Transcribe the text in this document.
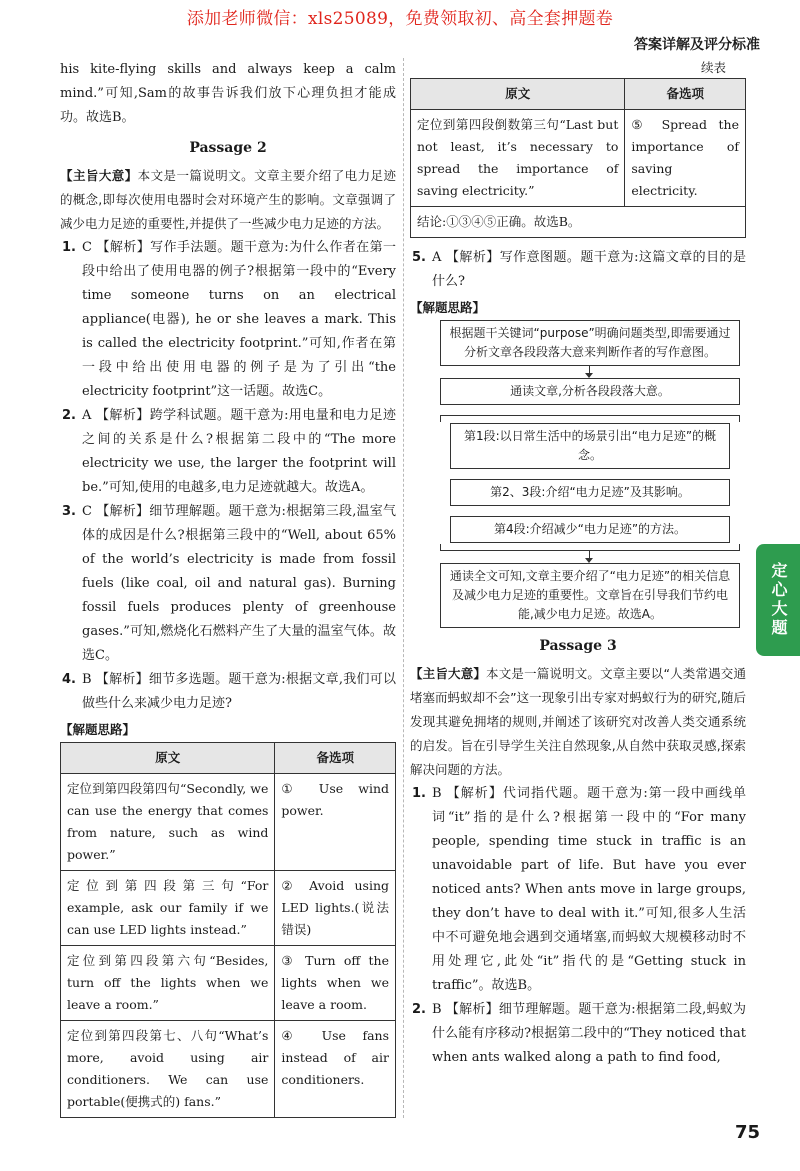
添加老师微信：xls25089，免费领取初、高全套押题卷
答案详解及评分标准

his kite-flying skills and always keep a calm mind.”可知,Sam的故事告诉我们放下心理负担才能成功。故选B。

Passage 2

【主旨大意】本文是一篇说明文。文章主要介绍了电力足迹的概念,即每次使用电器时会对环境产生的影响。文章强调了减少电力足迹的重要性,并提供了一些减少电力足迹的方法。

1. C 【解析】写作手法题。题干意为:为什么作者在第一段中给出了使用电器的例子?根据第一段中的“Every time someone turns on an electrical appliance(电器), he or she leaves a mark. This is called the electricity footprint.”可知,作者在第一段中给出使用电器的例子是为了引出“the electricity footprint”这一话题。故选C。
2. A 【解析】跨学科试题。题干意为:用电量和电力足迹之间的关系是什么?根据第二段中的“The more electricity we use, the larger the footprint will be.”可知,使用的电越多,电力足迹就越大。故选A。
3. C 【解析】细节理解题。题干意为:根据第三段,温室气体的成因是什么?根据第三段中的“Well, about 65% of the world’s electricity is made from fossil fuels (like coal, oil and natural gas). Burning fossil fuels produces plenty of greenhouse gases.”可知,燃烧化石燃料产生了大量的温室气体。故选C。
4. B 【解析】细节多选题。题干意为:根据文章,我们可以做些什么来减少电力足迹?
【解题思路】
原文	备选项
定位到第四段第四句“Secondly, we can use the energy that comes from nature, such as wind power.”	① Use wind power.
定位到第四段第三句“For example, ask our family if we can use LED lights instead.”	② Avoid using LED lights.(说法错误)
定位到第四段第六句“Besides, turn off the lights when we leave a room.”	③ Turn off the lights when we leave a room.
定位到第四段第七、八句“What’s more, avoid using air conditioners. We can use portable(便携式的) fans.”	④ Use fans instead of air conditioners.
续表
原文	备选项
定位到第四段倒数第三句“Last but not least, it’s necessary to spread the importance of saving electricity.”	⑤ Spread the importance of saving electricity.
结论:①③④⑤正确。故选B。	
5. A 【解析】写作意图题。题干意为:这篇文章的目的是什么?
【解题思路】
根据题干关键词“purpose”明确问题类型,即需要通过分析文章各段段落大意来判断作者的写作意图。
通读文章,分析各段段落大意。
第1段:以日常生活中的场景引出“电力足迹”的概念。
第2、3段:介绍“电力足迹”及其影响。
第4段:介绍减少“电力足迹”的方法。
通读全文可知,文章主要介绍了“电力足迹”的相关信息及减少电力足迹的重要性。文章旨在引导我们节约电能,减少电力足迹。故选A。
Passage 3

【主旨大意】本文是一篇说明文。文章主要以“人类常遇交通堵塞而蚂蚁却不会”这一现象引出专家对蚂蚁行为的研究,随后发现其避免拥堵的规则,并阐述了该研究对改善人类交通系统的启发。旨在引导学生关注自然现象,从自然中获取灵感,探索解决问题的方法。

1. B 【解析】代词指代题。题干意为:第一段中画线单词“it”指的是什么?根据第一段中的“For many people, spending time stuck in traffic is an unavoidable part of life. But have you ever noticed ants? When ants move in large groups, they don’t have to deal with it.”可知,很多人生活中不可避免地会遇到交通堵塞,而蚂蚁大规模移动时不用处理它,此处“it”指代的是“Getting stuck in traffic”。故选B。
2. B 【解析】细节理解题。题干意为:根据第二段,蚂蚁为什么能有序移动?根据第二段中的“They noticed that when ants walked along a path to find food,
定心大题
75
